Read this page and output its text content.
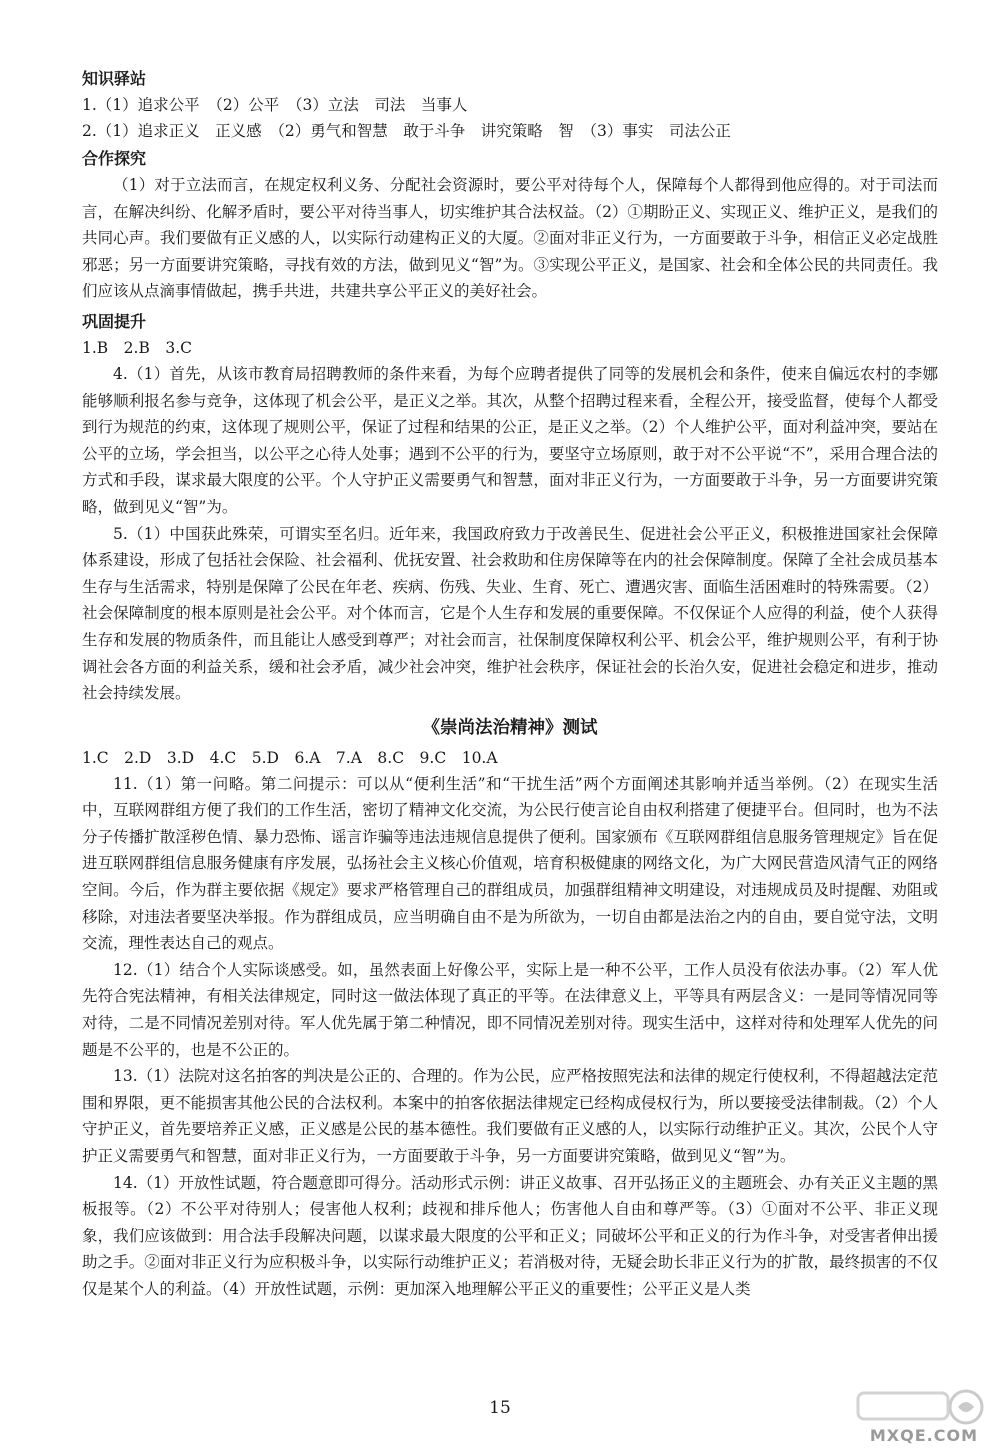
知识驿站

1.（1）追求公平　（2）公平　（3）立法　司法　当事人

2.（1）追求正义　正义感　（2）勇气和智慧　敢于斗争　讲究策略　智　（3）事实　司法公正

合作探究

（1）对于立法而言，在规定权利义务、分配社会资源时，要公平对待每个人，保障每个人都得到他应得的。对于司法而言，在解决纠纷、化解矛盾时，要公平对待当事人，切实维护其合法权益。（2）①期盼正义、实现正义、维护正义，是我们的共同心声。我们要做有正义感的人，以实际行动建构正义的大厦。②面对非正义行为，一方面要敢于斗争，相信正义必定战胜邪恶；另一方面要讲究策略，寻找有效的方法，做到见义“智”为。③实现公平正义，是国家、社会和全体公民的共同责任。我们应该从点滴事情做起，携手共进，共建共享公平正义的美好社会。

巩固提升

1.B　2.B　3.C

4.（1）首先，从该市教育局招聘教师的条件来看，为每个应聘者提供了同等的发展机会和条件，使来自偏远农村的李娜能够顺利报名参与竞争，这体现了机会公平，是正义之举。其次，从整个招聘过程来看，全程公开，接受监督，使每个人都受到行为规范的约束，这体现了规则公平，保证了过程和结果的公正，是正义之举。（2）个人维护公平，面对利益冲突，要站在公平的立场，学会担当，以公平之心待人处事；遇到不公平的行为，要坚守立场原则，敢于对不公平说“不”，采用合理合法的方式和手段，谋求最大限度的公平。个人守护正义需要勇气和智慧，面对非正义行为，一方面要敢于斗争，另一方面要讲究策略，做到见义“智”为。

5.（1）中国获此殊荣，可谓实至名归。近年来，我国政府致力于改善民生、促进社会公平正义，积极推进国家社会保障体系建设，形成了包括社会保险、社会福利、优抚安置、社会救助和住房保障等在内的社会保障制度。保障了全社会成员基本生存与生活需求，特别是保障了公民在年老、疾病、伤残、失业、生育、死亡、遭遇灾害、面临生活困难时的特殊需要。（2）社会保障制度的根本原则是社会公平。对个体而言，它是个人生存和发展的重要保障。不仅保证个人应得的利益，使个人获得生存和发展的物质条件，而且能让人感受到尊严；对社会而言，社保制度保障权利公平、机会公平，维护规则公平，有利于协调社会各方面的利益关系，缓和社会矛盾，减少社会冲突，维护社会秩序，保证社会的长治久安，促进社会稳定和进步，推动社会持续发展。

《崇尚法治精神》测试

1.C　2.D　3.D　4.C　5.D　6.A　7.A　8.C　9.C　10.A

11.（1）第一问略。第二问提示：可以从“便利生活”和“干扰生活”两个方面阐述其影响并适当举例。（2）在现实生活中，互联网群组方便了我们的工作生活，密切了精神文化交流，为公民行使言论自由权利搭建了便捷平台。但同时，也为不法分子传播扩散淫秽色情、暴力恐怖、谣言诈骗等违法违规信息提供了便利。国家颁布《互联网群组信息服务管理规定》旨在促进互联网群组信息服务健康有序发展，弘扬社会主义核心价值观，培育积极健康的网络文化，为广大网民营造风清气正的网络空间。今后，作为群主要依据《规定》要求严格管理自己的群组成员，加强群组精神文明建设，对违规成员及时提醒、劝阻或移除，对违法者要坚决举报。作为群组成员，应当明确自由不是为所欲为，一切自由都是法治之内的自由，要自觉守法，文明交流，理性表达自己的观点。

12.（1）结合个人实际谈感受。如，虽然表面上好像公平，实际上是一种不公平，工作人员没有依法办事。（2）军人优先符合宪法精神，有相关法律规定，同时这一做法体现了真正的平等。在法律意义上，平等具有两层含义：一是同等情况同等对待，二是不同情况差别对待。军人优先属于第二种情况，即不同情况差别对待。现实生活中，这样对待和处理军人优先的问题是不公平的，也是不公正的。

13.（1）法院对这名拍客的判决是公正的、合理的。作为公民，应严格按照宪法和法律的规定行使权利，不得超越法定范围和界限，更不能损害其他公民的合法权利。本案中的拍客依据法律规定已经构成侵权行为，所以要接受法律制裁。（2）个人守护正义，首先要培养正义感，正义感是公民的基本德性。我们要做有正义感的人，以实际行动维护正义。其次，公民个人守护正义需要勇气和智慧，面对非正义行为，一方面要敢于斗争，另一方面要讲究策略，做到见义“智”为。

14.（1）开放性试题，符合题意即可得分。活动形式示例：讲正义故事、召开弘扬正义的主题班会、办有关正义主题的黑板报等。（2）不公平对待别人；侵害他人权利；歧视和排斥他人；伤害他人自由和尊严等。（3）①面对不公平、非正义现象，我们应该做到：用合法手段解决问题，以谋求最大限度的公平和正义；同破坏公平和正义的行为作斗争，对受害者伸出援助之手。②面对非正义行为应积极斗争，以实际行动维护正义；若消极对待，无疑会助长非正义行为的扩散，最终损害的不仅仅是某个人的利益。（4）开放性试题，示例：更加深入地理解公平正义的重要性；公平正义是人类

15
MXQE.COM
